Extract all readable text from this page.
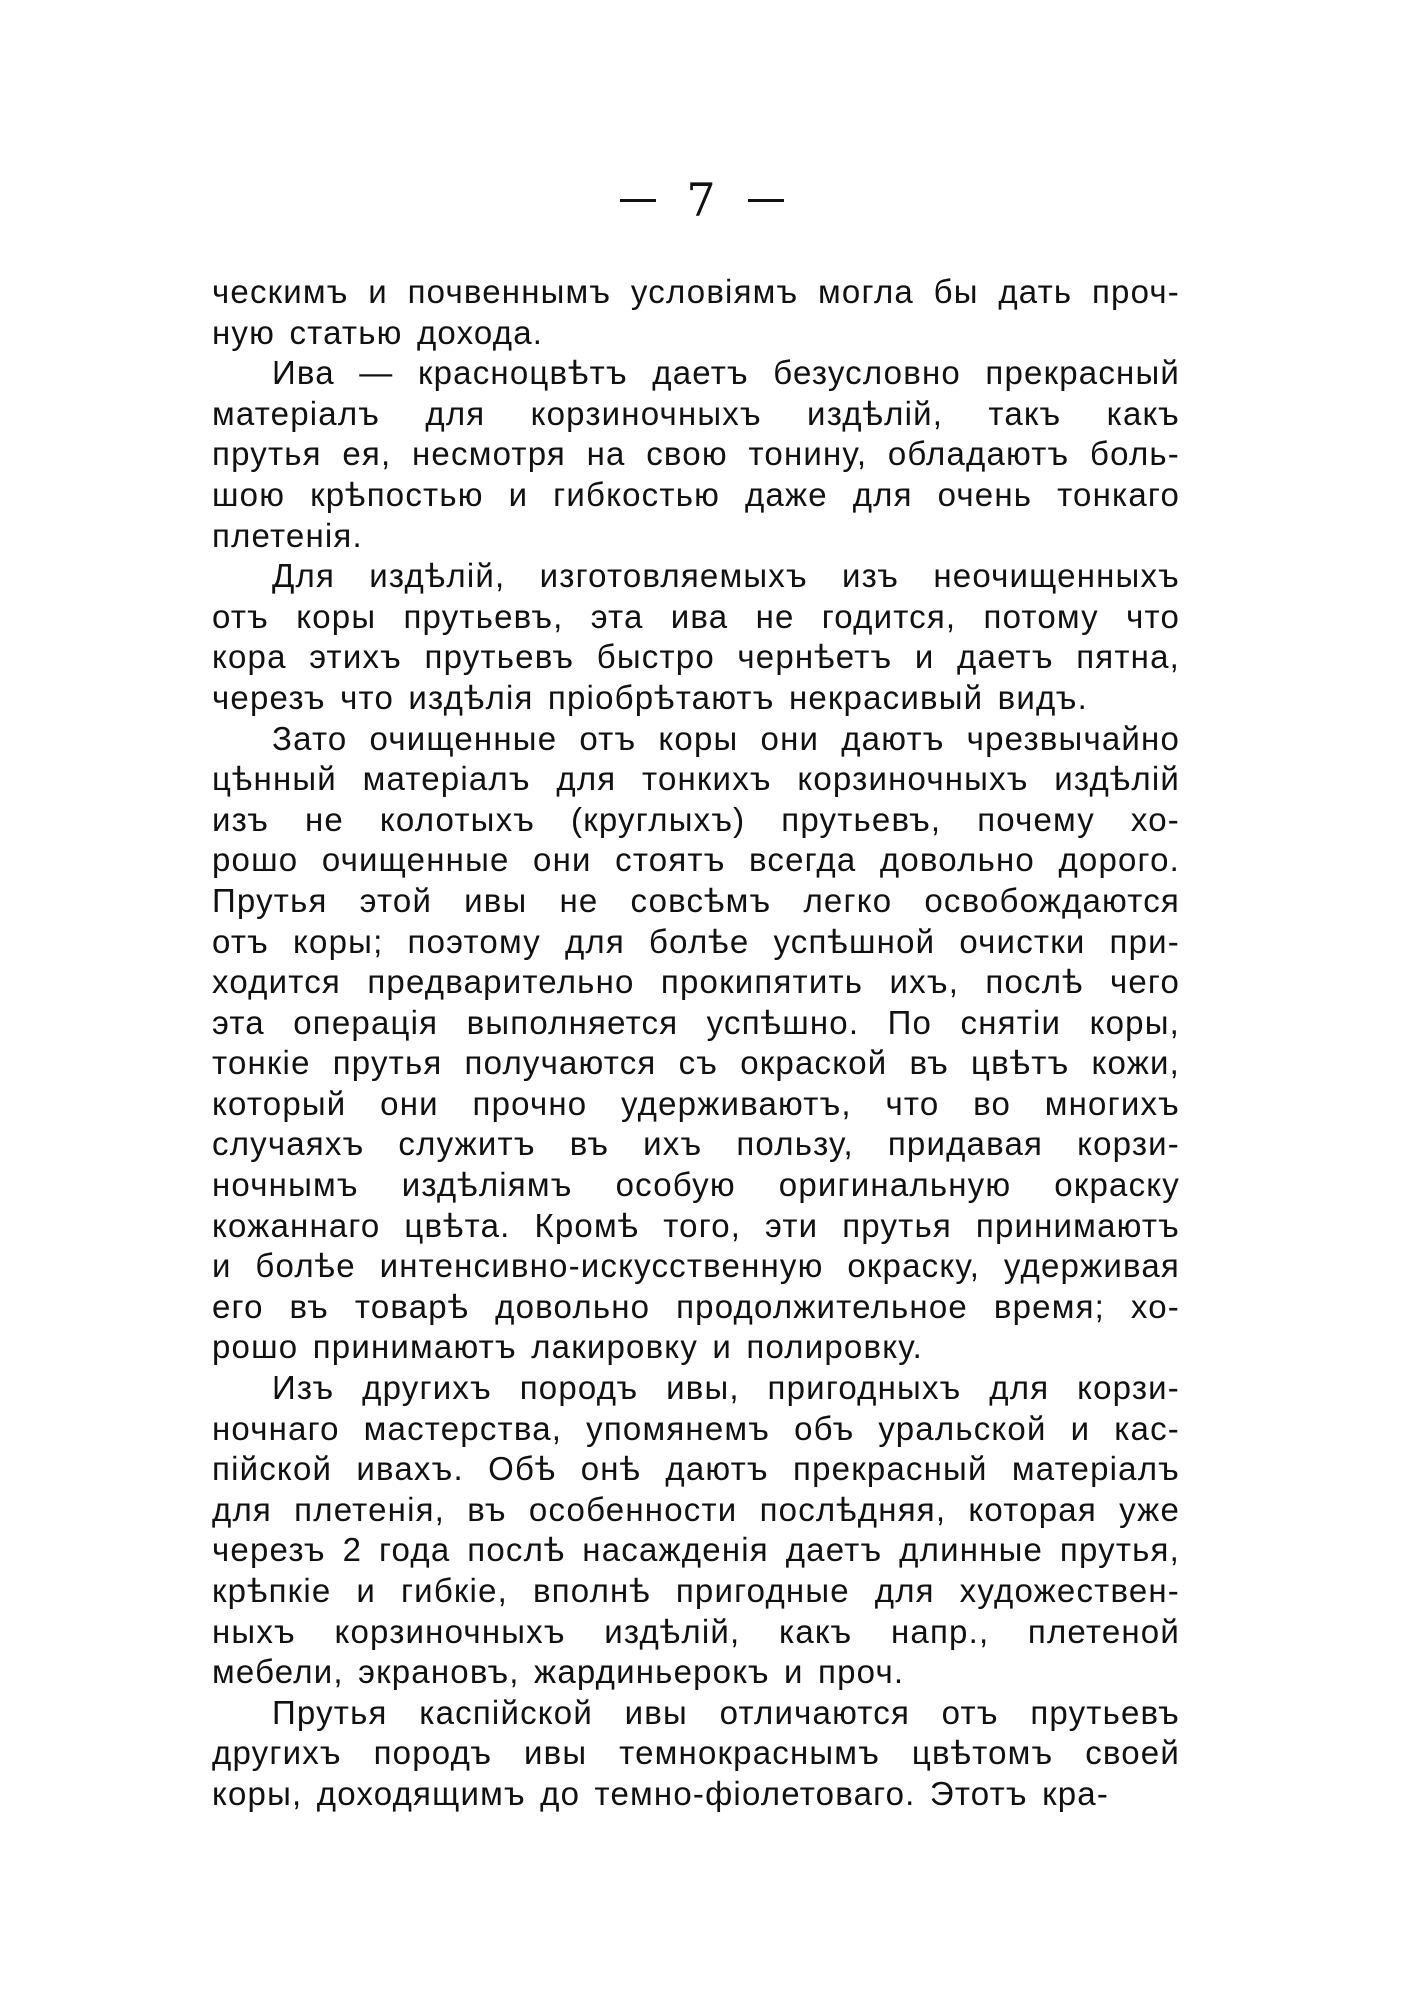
7
ческимъ и почвеннымъ условіямъ могла бы дать проч-
ную статью дохода.
Ива — красноцвѣтъ даетъ безусловно прекрасный
матеріалъ для корзиночныхъ издѣлій, такъ какъ
прутья ея, несмотря на свою тонину, обладаютъ боль-
шою крѣпостью и гибкостью даже для очень тонкаго
плетенія.
Для издѣлій, изготовляемыхъ изъ неочищенныхъ
отъ коры прутьевъ, эта ива не годится, потому что
кора этихъ прутьевъ быстро чернѣетъ и даетъ пятна,
черезъ что издѣлія пріобрѣтаютъ некрасивый видъ.
Зато очищенные отъ коры они даютъ чрезвычайно
цѣнный матеріалъ для тонкихъ корзиночныхъ издѣлій
изъ не колотыхъ (круглыхъ) прутьевъ, почему хо-
рошо очищенные они стоятъ всегда довольно дорого.
Прутья этой ивы не совсѣмъ легко освобождаются
отъ коры; поэтому для болѣе успѣшной очистки при-
ходится предварительно прокипятить ихъ, послѣ чего
эта операція выполняется успѣшно. По снятіи коры,
тонкіе прутья получаются съ окраской въ цвѣтъ кожи,
который они прочно удерживаютъ, что во многихъ
случаяхъ служитъ въ ихъ пользу, придавая корзи-
ночнымъ издѣліямъ особую оригинальную окраску
кожаннаго цвѣта. Кромѣ того, эти прутья принимаютъ
и болѣе интенсивно-искусственную окраску, удерживая
его въ товарѣ довольно продолжительное время; хо-
рошо принимаютъ лакировку и полировку.
Изъ другихъ породъ ивы, пригодныхъ для корзи-
ночнаго мастерства, упомянемъ объ уральской и кас-
пійской ивахъ. Обѣ онѣ даютъ прекрасный матеріалъ
для плетенія, въ особенности послѣдняя, которая уже
черезъ 2 года послѣ насажденія даетъ длинные прутья,
крѣпкіе и гибкіе, вполнѣ пригодные для художествен-
ныхъ корзиночныхъ издѣлій, какъ напр., плетеной
мебели, экрановъ, жардиньерокъ и проч.
Прутья каспійской ивы отличаются отъ прутьевъ
другихъ породъ ивы темнокраснымъ цвѣтомъ своей
коры, доходящимъ до темно-фіолетоваго. Этотъ кра-
